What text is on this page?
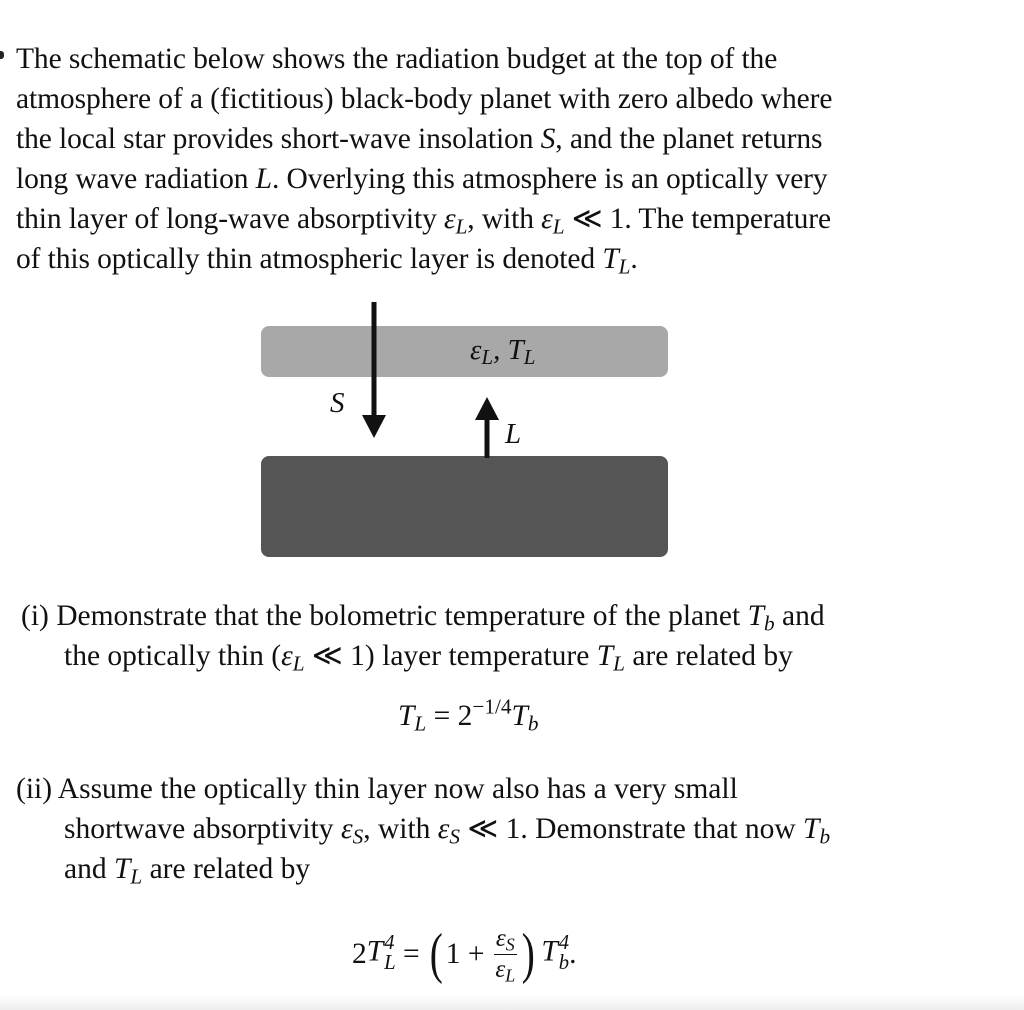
The schematic below shows the radiation budget at the top of the

atmosphere of a (fictitious) black-body planet with zero albedo where

the local star provides short-wave insolation S, and the planet returns

long wave radiation L. Overlying this atmosphere is an optically very

thin layer of long-wave absorptivity $\varepsilon_L$, with $\varepsilon_L$ ≪ 1. The temperature

of this optically thin atmospheric layer is denoted $T_L$.

$\varepsilon_L$, $T_L$
S
L
(i) Demonstrate that the bolometric temperature of the planet $T_b$ and
the optically thin ($\varepsilon_L$ ≪ 1) layer temperature $T_L$ are related by
$T_L = 2^{-1/4}T_b$
(ii) Assume the optically thin layer now also has a very small
shortwave absorptivity $\varepsilon_S$, with $\varepsilon_S$ ≪ 1. Demonstrate that now $T_b$
and $T_L$ are related by
2 T 4
L = ( $1 + \frac{\varepsilon_S}{\varepsilon_L}$ ) T 4
b .
